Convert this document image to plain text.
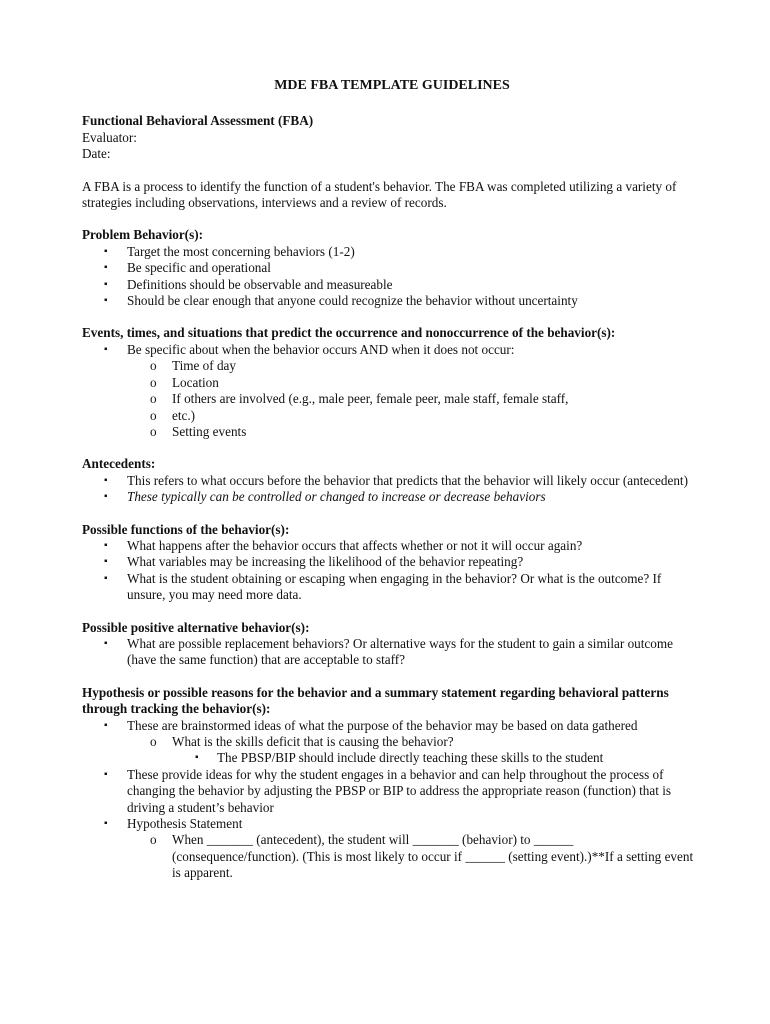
MDE FBA TEMPLATE GUIDELINES
Functional Behavioral Assessment (FBA)
Evaluator:
Date:
A FBA is a process to identify the function of a student's behavior. The FBA was completed utilizing a variety of strategies including observations, interviews and a review of records.
Problem Behavior(s):
▪ Target the most concerning behaviors (1-2)
▪ Be specific and operational
▪ Definitions should be observable and measureable
▪ Should be clear enough that anyone could recognize the behavior without uncertainty
Events, times, and situations that predict the occurrence and nonoccurrence of the behavior(s):
▪ Be specific about when the behavior occurs AND when it does not occur:
o Time of day
o Location
o If others are involved (e.g., male peer, female peer, male staff, female staff,
o etc.)
o Setting events
Antecedents:
▪ This refers to what occurs before the behavior that predicts that the behavior will likely occur (antecedent)
▪ These typically can be controlled or changed to increase or decrease behaviors
Possible functions of the behavior(s):
▪ What happens after the behavior occurs that affects whether or not it will occur again?
▪ What variables may be increasing the likelihood of the behavior repeating?
▪ What is the student obtaining or escaping when engaging in the behavior? Or what is the outcome? If unsure, you may need more data.
Possible positive alternative behavior(s):
▪ What are possible replacement behaviors? Or alternative ways for the student to gain a similar outcome (have the same function) that are acceptable to staff?
Hypothesis or possible reasons for the behavior and a summary statement regarding behavioral patterns through tracking the behavior(s):
▪ These are brainstormed ideas of what the purpose of the behavior may be based on data gathered
o What is the skills deficit that is causing the behavior?
▪ The PBSP/BIP should include directly teaching these skills to the student
▪ These provide ideas for why the student engages in a behavior and can help throughout the process of changing the behavior by adjusting the PBSP or BIP to address the appropriate reason (function) that is driving a student’s behavior
▪ Hypothesis Statement
o When _______ (antecedent), the student will _______ (behavior) to ______ (consequence/function). (This is most likely to occur if ______ (setting event).)**If a setting event is apparent.
